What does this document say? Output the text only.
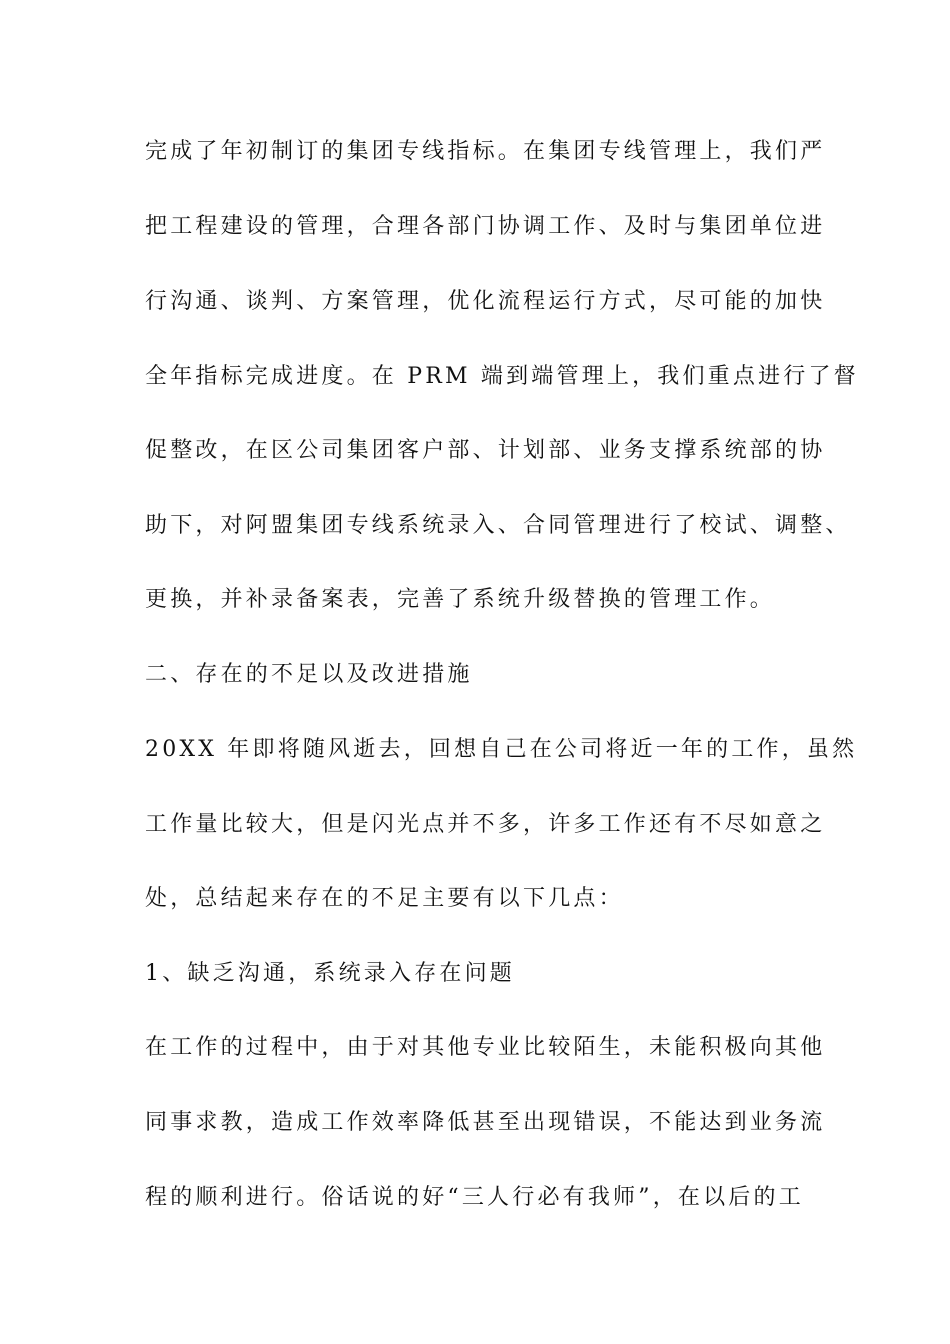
完成了年初制订的集团专线指标。在集团专线管理上，我们严
把工程建设的管理，合理各部门协调工作、及时与集团单位进
行沟通、谈判、方案管理，优化流程运行方式，尽可能的加快
全年指标完成进度。在 PRM 端到端管理上，我们重点进行了督
促整改，在区公司集团客户部、计划部、业务支撑系统部的协
助下，对阿盟集团专线系统录入、合同管理进行了校试、调整、
更换，并补录备案表，完善了系统升级替换的管理工作。
二、存在的不足以及改进措施
20XX 年即将随风逝去，回想自己在公司将近一年的工作，虽然
工作量比较大，但是闪光点并不多，许多工作还有不尽如意之
处，总结起来存在的不足主要有以下几点：
1、缺乏沟通，系统录入存在问题
在工作的过程中，由于对其他专业比较陌生，未能积极向其他
同事求教，造成工作效率降低甚至出现错误，不能达到业务流
程的顺利进行。俗话说的好“三人行必有我师”，在以后的工
